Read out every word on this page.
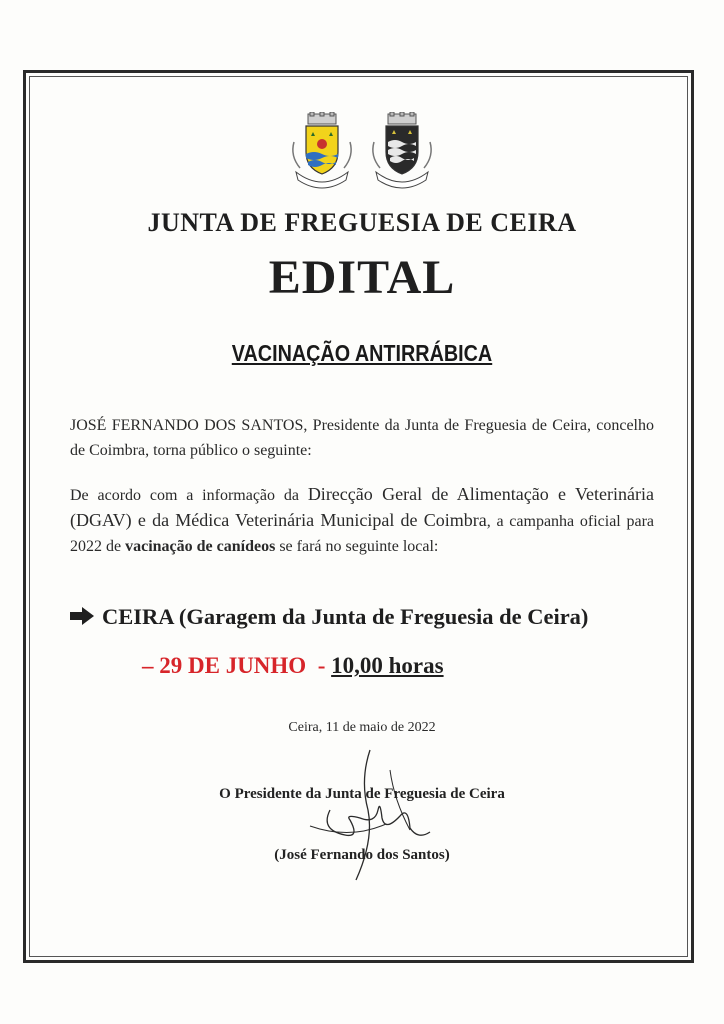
JUNTA DE FREGUESIA DE CEIRA
EDITAL
VACINAÇÃO ANTIRRÁBICA
JOSÉ FERNANDO DOS SANTOS, Presidente da Junta de Freguesia de Ceira, concelho de Coimbra, torna público o seguinte:
De acordo com a informação da Direcção Geral de Alimentação e Veterinária (DGAV) e da Médica Veterinária Municipal de Coimbra, a campanha oficial para 2022 de vacinação de canídeos se fará no seguinte local:
CEIRA (Garagem da Junta de Freguesia de Ceira)
– 29 DE JUNHO  - 10,00 horas
Ceira, 11 de maio de 2022
O Presidente da Junta de Freguesia de Ceira
(José Fernando dos Santos)
